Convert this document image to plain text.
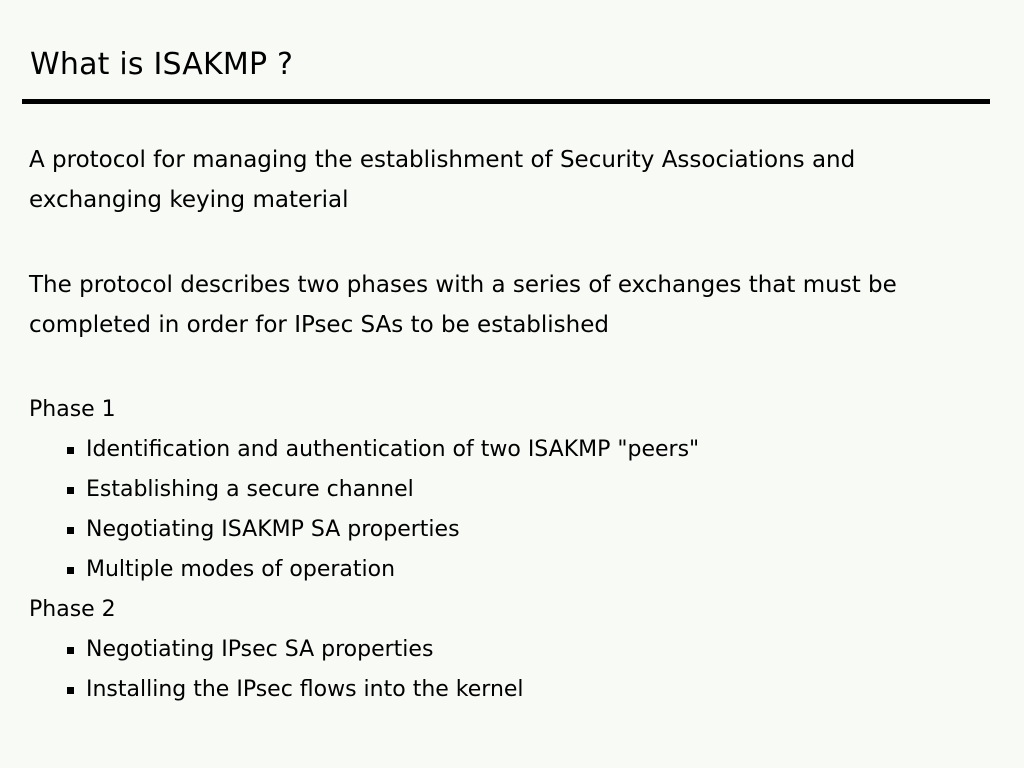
What is ISAKMP ?
A protocol for managing the establishment of Security Associations and exchanging keying material
The protocol describes two phases with a series of exchanges that must be completed in order for IPsec SAs to be established
Phase 1
Identification and authentication of two ISAKMP "peers"
Establishing a secure channel
Negotiating ISAKMP SA properties
Multiple modes of operation
Phase 2
Negotiating IPsec SA properties
Installing the IPsec flows into the kernel
